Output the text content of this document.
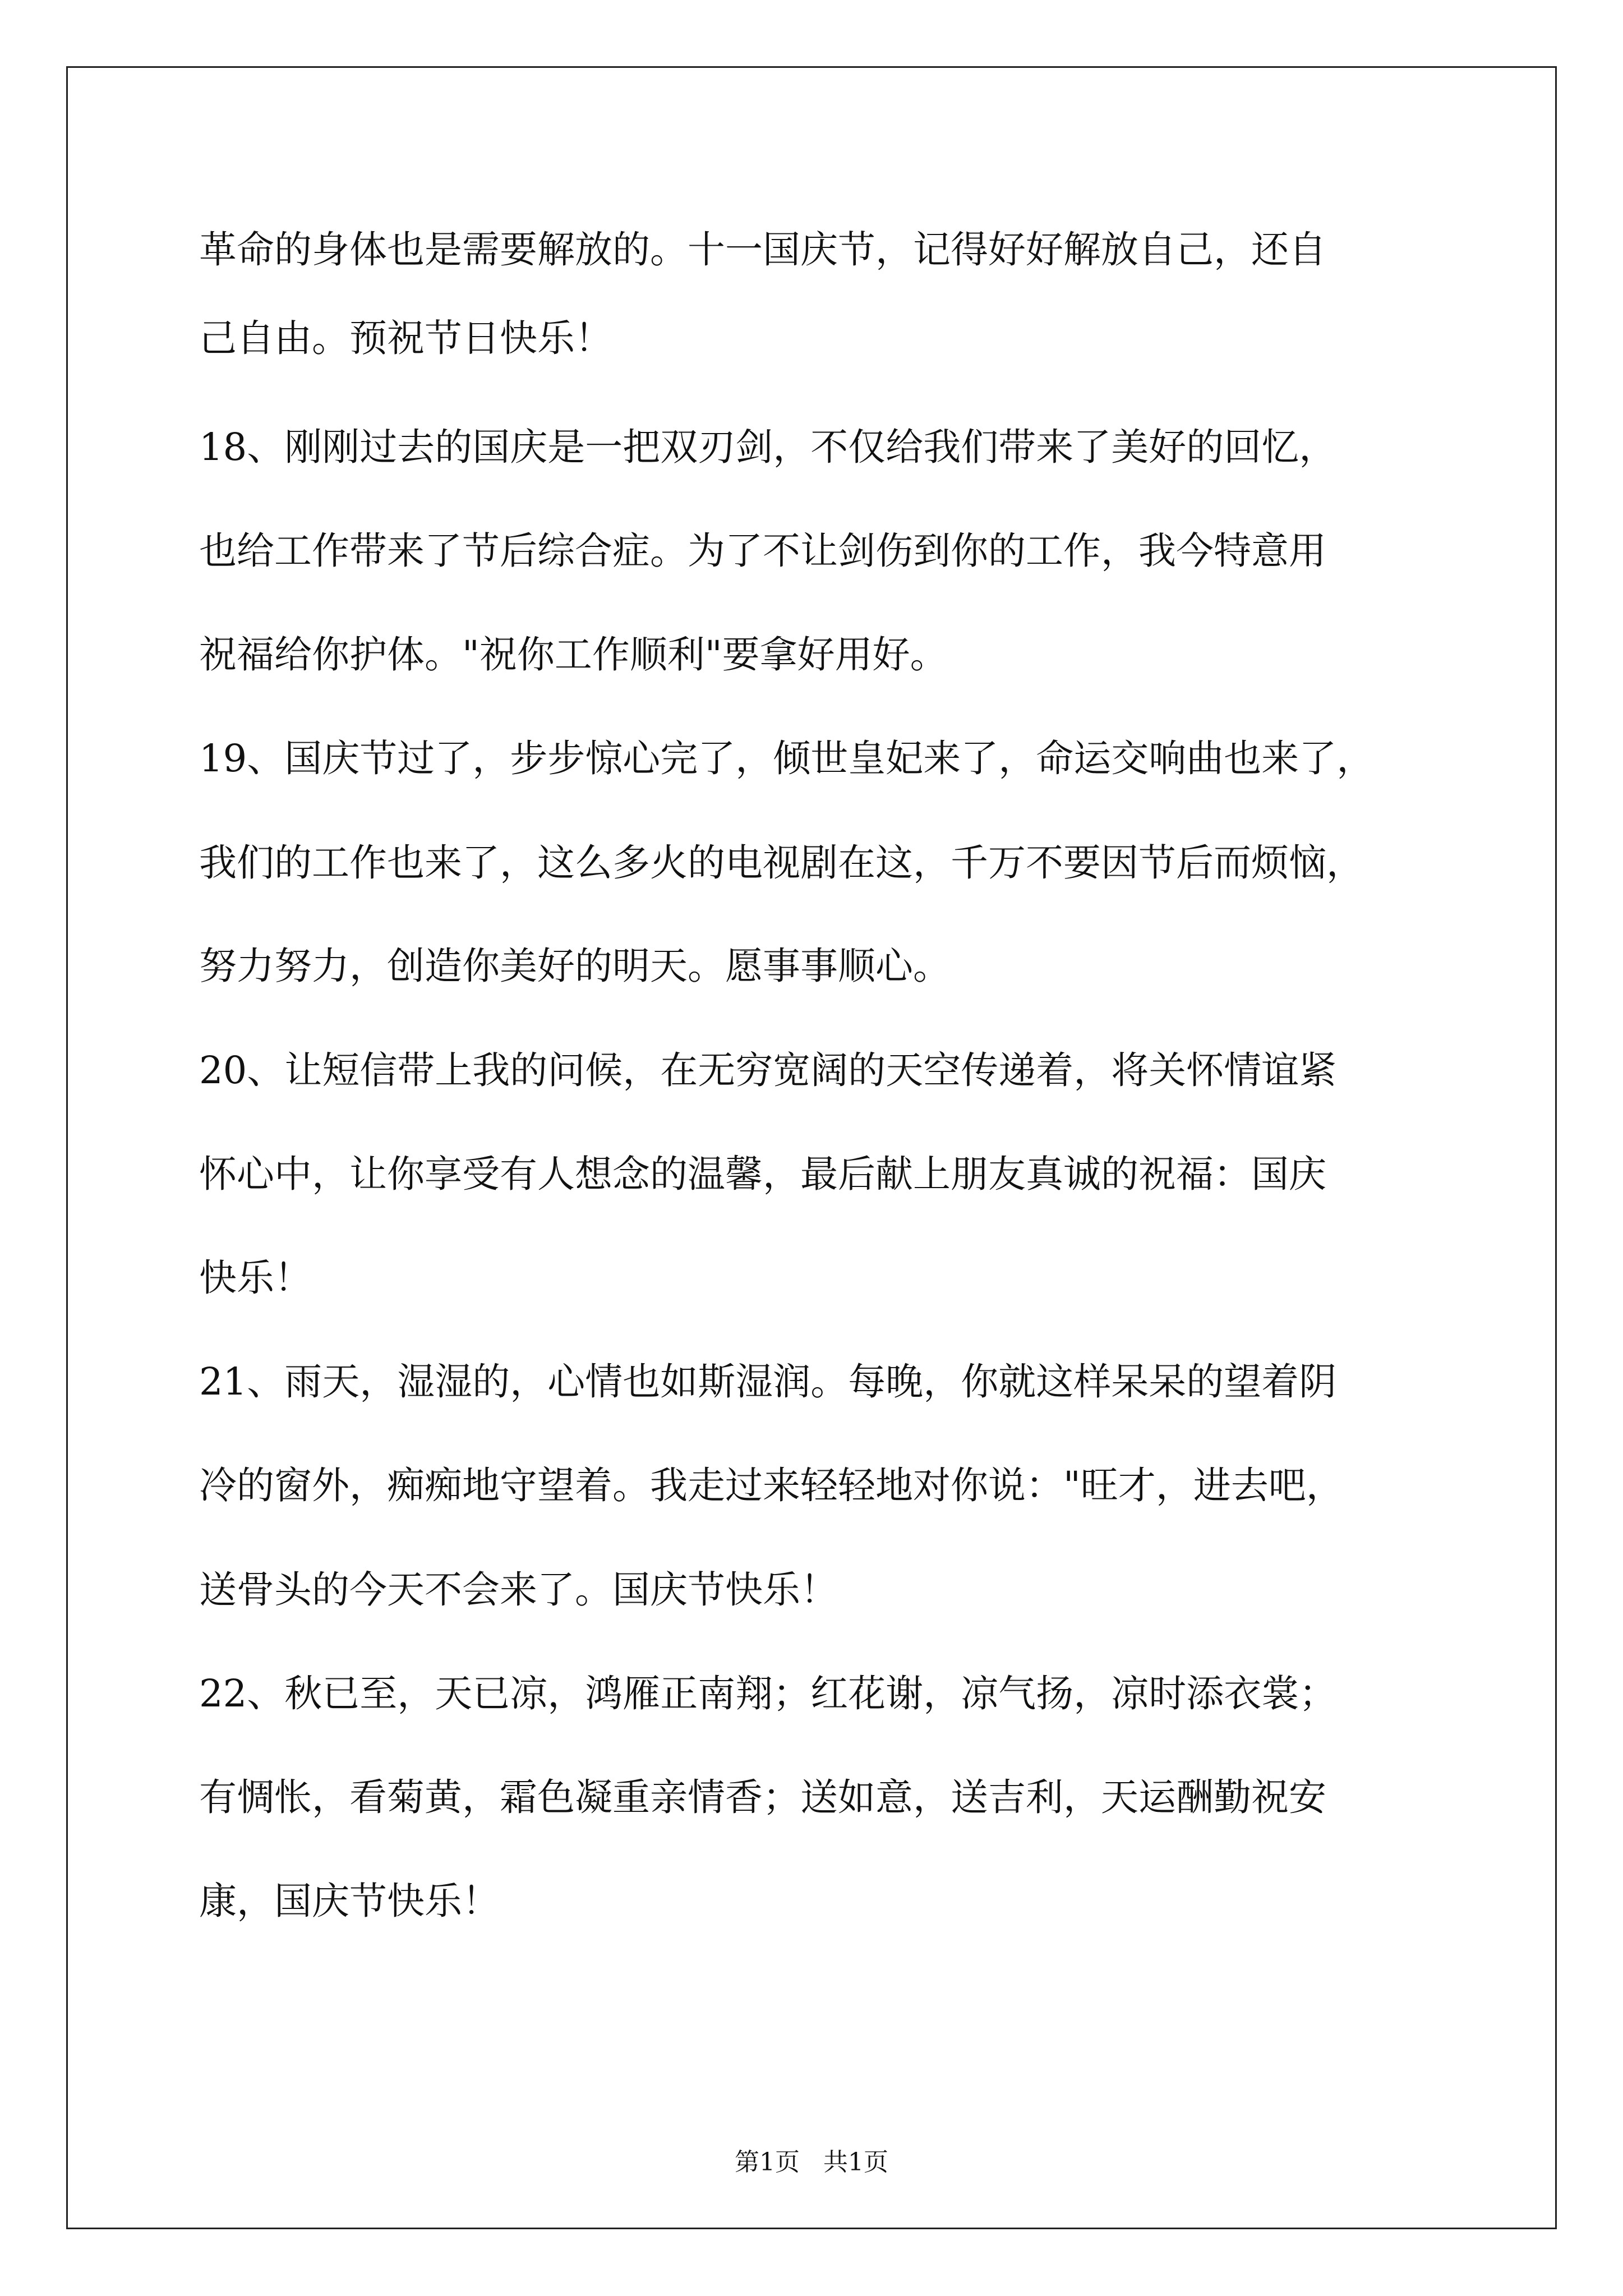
革命的身体也是需要解放的。十一国庆节，记得好好解放自己，还自
己自由。预祝节日快乐！
18、刚刚过去的国庆是一把双刃剑，不仅给我们带来了美好的回忆，
也给工作带来了节后综合症。为了不让剑伤到你的工作，我今特意用
祝福给你护体。"祝你工作顺利"要拿好用好。
19、国庆节过了，步步惊心完了，倾世皇妃来了，命运交响曲也来了，
我们的工作也来了，这么多火的电视剧在这，千万不要因节后而烦恼，
努力努力，创造你美好的明天。愿事事顺心。
20、让短信带上我的问候，在无穷宽阔的天空传递着，将关怀情谊紧
怀心中，让你享受有人想念的温馨，最后献上朋友真诚的祝福：国庆
快乐！
21、雨天，湿湿的，心情也如斯湿润。每晚，你就这样呆呆的望着阴
冷的窗外，痴痴地守望着。我走过来轻轻地对你说："旺才，进去吧，
送骨头的今天不会来了。国庆节快乐！
22、秋已至，天已凉，鸿雁正南翔；红花谢，凉气扬，凉时添衣裳；
有惆怅，看菊黄，霜色凝重亲情香；送如意，送吉利，天运酬勤祝安
康，国庆节快乐！
第1页   共1页
